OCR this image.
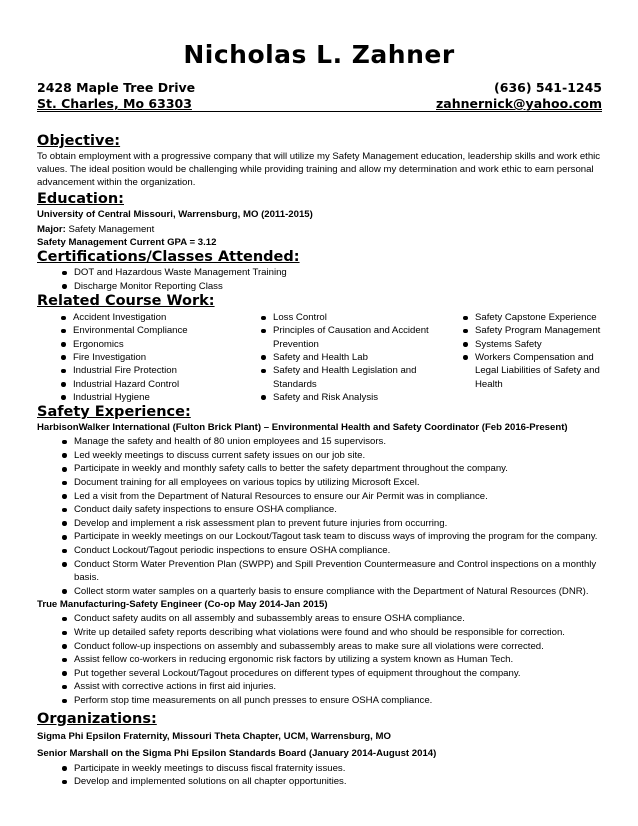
Nicholas L. Zahner
2428 Maple Tree Drive	(636) 541-1245
St. Charles, Mo 63303	zahnernick@yahoo.com
Objective:

To obtain employment with a progressive company that will utilize my Safety Management education, leadership skills and work ethic values. The ideal position would be challenging while providing training and allow my determination and work ethic to earn personal advancement within the organization.

Education:

University of Central Missouri, Warrensburg, MO (2011-2015)

Major: Safety Management

Safety Management Current GPA = 3.12

Certifications/Classes Attended:
DOT and Hazardous Waste Management Training
Discharge Monitor Reporting Class
Related Course Work:
Accident Investigation
Environmental Compliance
Ergonomics
Fire Investigation
Industrial Fire Protection
Industrial Hazard Control
Industrial Hygiene
Loss Control
Principles of Causation and Accident Prevention
Safety and Health Lab
Safety and Health Legislation and Standards
Safety and Risk Analysis
Safety Capstone Experience
Safety Program Management
Systems Safety
Workers Compensation and Legal Liabilities of Safety and Health
Safety Experience:

HarbisonWalker International (Fulton Brick Plant) – Environmental Health and Safety Coordinator (Feb 2016-Present)

Manage the safety and health of 80 union employees and 15 supervisors.
Led weekly meetings to discuss current safety issues on our job site.
Participate in weekly and monthly safety calls to better the safety department throughout the company.
Document training for all employees on various topics by utilizing Microsoft Excel.
Led a visit from the Department of Natural Resources to ensure our Air Permit was in compliance.
Conduct daily safety inspections to ensure OSHA compliance.
Develop and implement a risk assessment plan to prevent future injuries from occurring.
Participate in weekly meetings on our Lockout/Tagout task team to discuss ways of improving the program for the company.
Conduct Lockout/Tagout periodic inspections to ensure OSHA compliance.
Conduct Storm Water Prevention Plan (SWPP) and Spill Prevention Countermeasure and Control inspections on a monthly basis.
Collect storm water samples on a quarterly basis to ensure compliance with the Department of Natural Resources (DNR).

True Manufacturing-Safety Engineer (Co-op May 2014-Jan 2015)

Conduct safety audits on all assembly and subassembly areas to ensure OSHA compliance.
Write up detailed safety reports describing what violations were found and who should be responsible for correction.
Conduct follow-up inspections on assembly and subassembly areas to make sure all violations were corrected.
Assist fellow co-workers in reducing ergonomic risk factors by utilizing a system known as Human Tech.
Put together several Lockout/Tagout procedures on different types of equipment throughout the company.
Assist with corrective actions in first aid injuries.
Perform stop time measurements on all punch presses to ensure OSHA compliance.
Organizations:

Sigma Phi Epsilon Fraternity, Missouri Theta Chapter, UCM, Warrensburg, MO

Senior Marshall on the Sigma Phi Epsilon Standards Board (January 2014-August 2014)

Participate in weekly meetings to discuss fiscal fraternity issues.
Develop and implemented solutions on all chapter opportunities.
